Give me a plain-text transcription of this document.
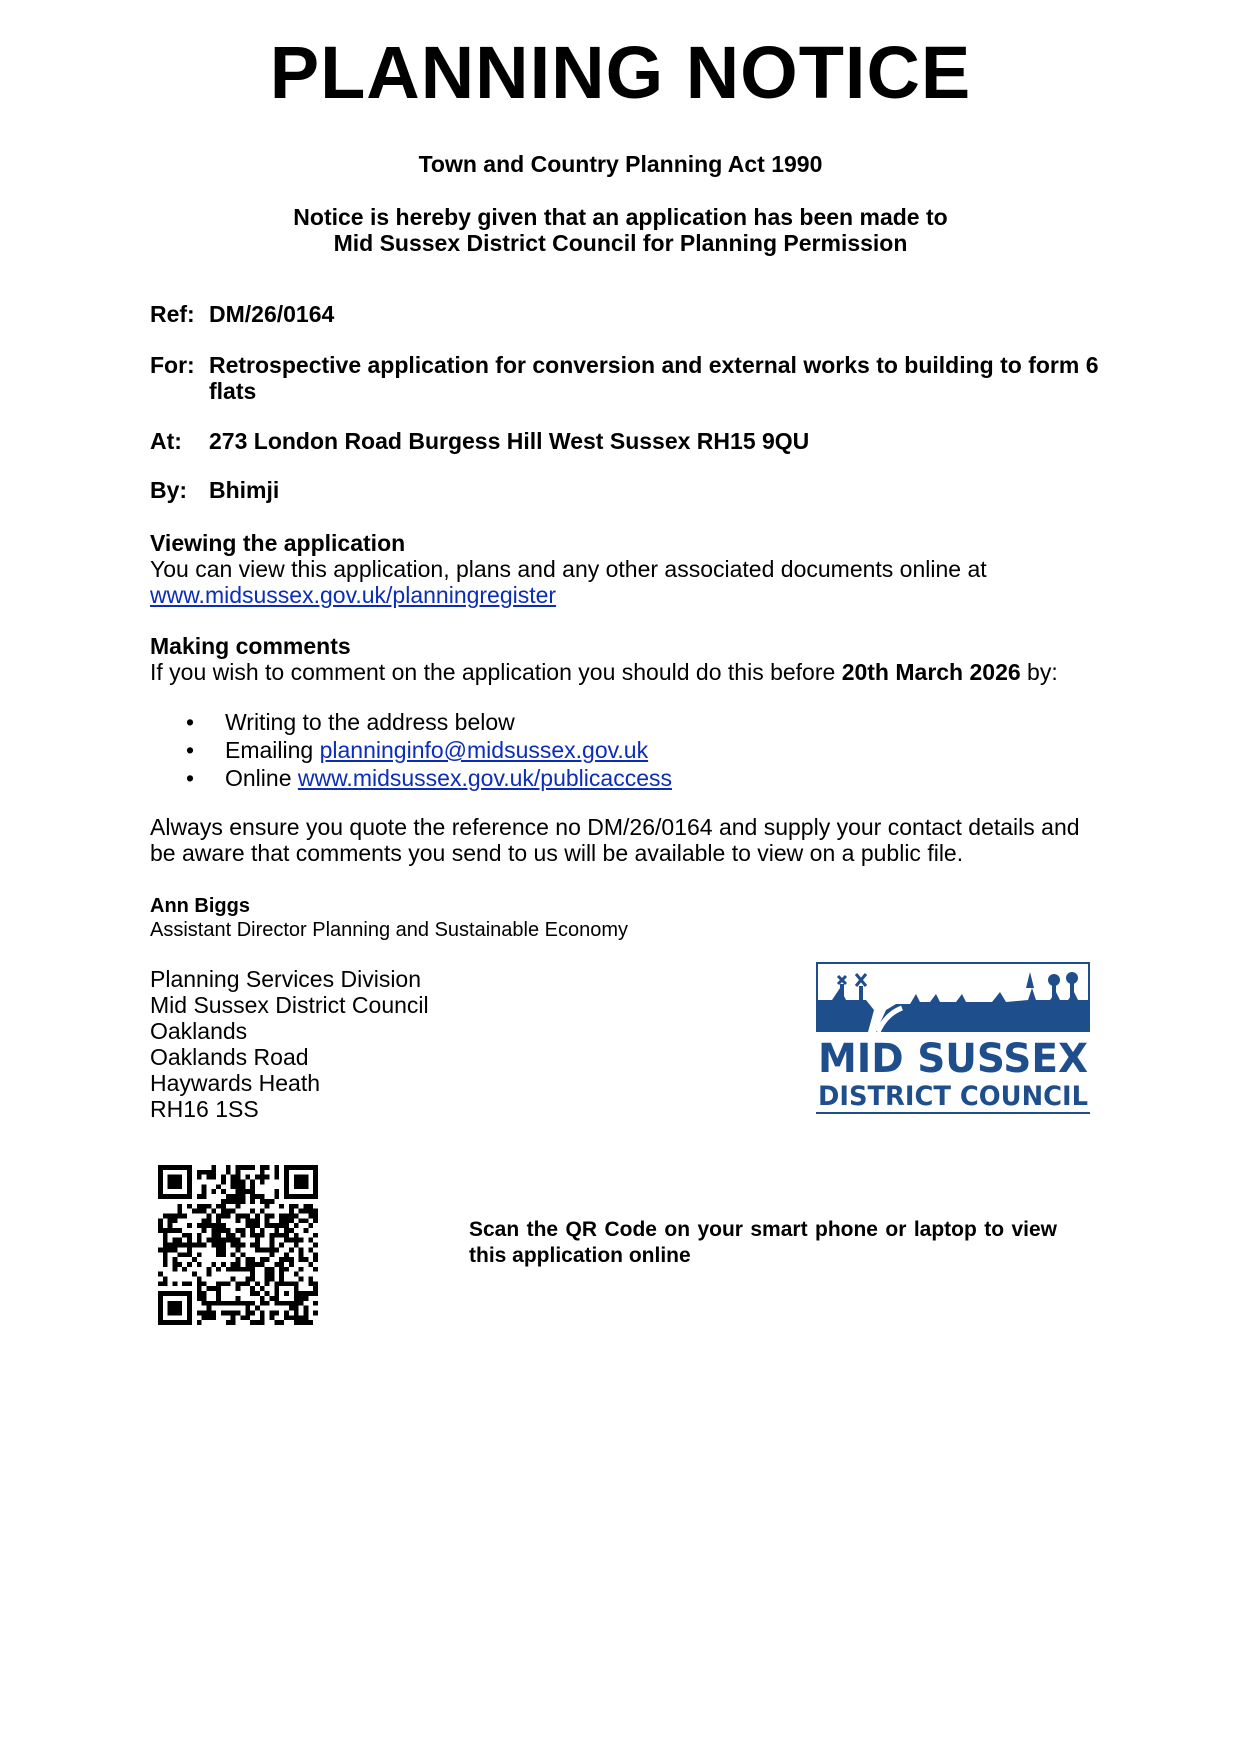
PLANNING NOTICE
Town and Country Planning Act 1990
Notice is hereby given that an application has been made to
Mid Sussex District Council for Planning Permission
Ref: DM/26/0164
For: Retrospective application for conversion and external works to building to form 6 flats
At:	273 London Road Burgess Hill West Sussex RH15 9QU
By: Bhimji
Viewing the application
You can view this application, plans and any other associated documents online at
www.midsussex.gov.uk/planningregister
Making comments
If you wish to comment on the application you should do this before 20th March 2026 by:
• Writing to the address below
• Emailing planninginfo@midsussex.gov.uk
• Online www.midsussex.gov.uk/publicaccess
Always ensure you quote the reference no DM/26/0164 and supply your contact details and be aware that comments you send to us will be available to view on a public file.
Ann Biggs
Assistant Director Planning and Sustainable Economy
Planning Services Division
Mid Sussex District Council
Oaklands
Oaklands Road
Haywards Heath
RH16 1SS
MID SUSSEX
DISTRICT COUNCIL
Scan the QR Code on your smart phone or laptop to view this application online
